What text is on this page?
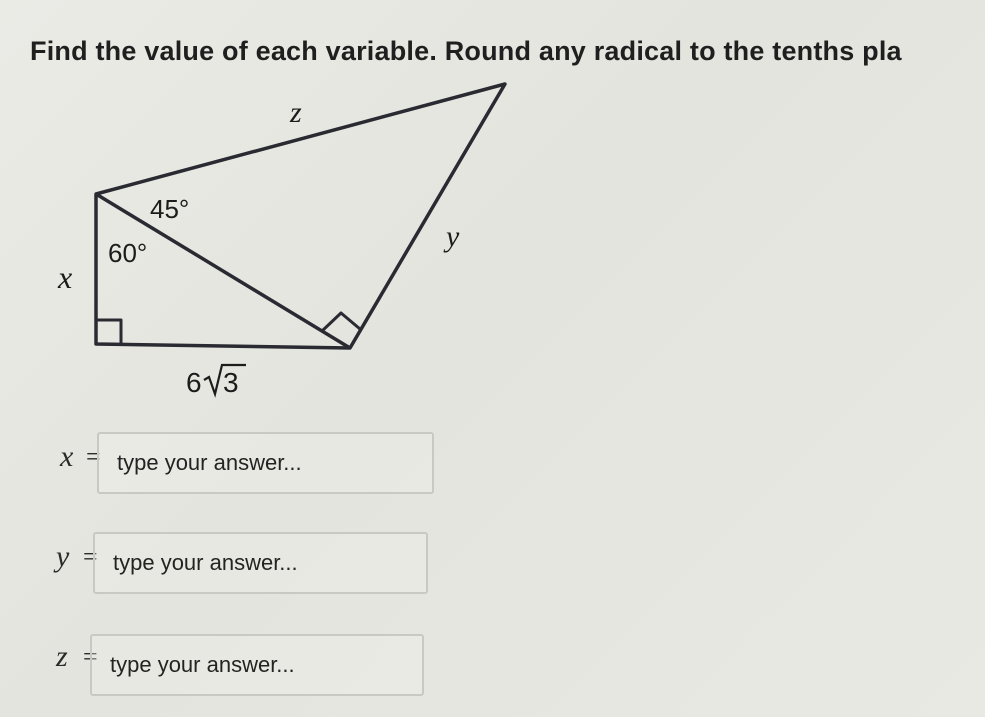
Find the value of each variable. Round any radical to the tenths pla
z
y
x
45°
60°
6 3
x =
type your answer...
y =
type your answer...
z =
type your answer...
